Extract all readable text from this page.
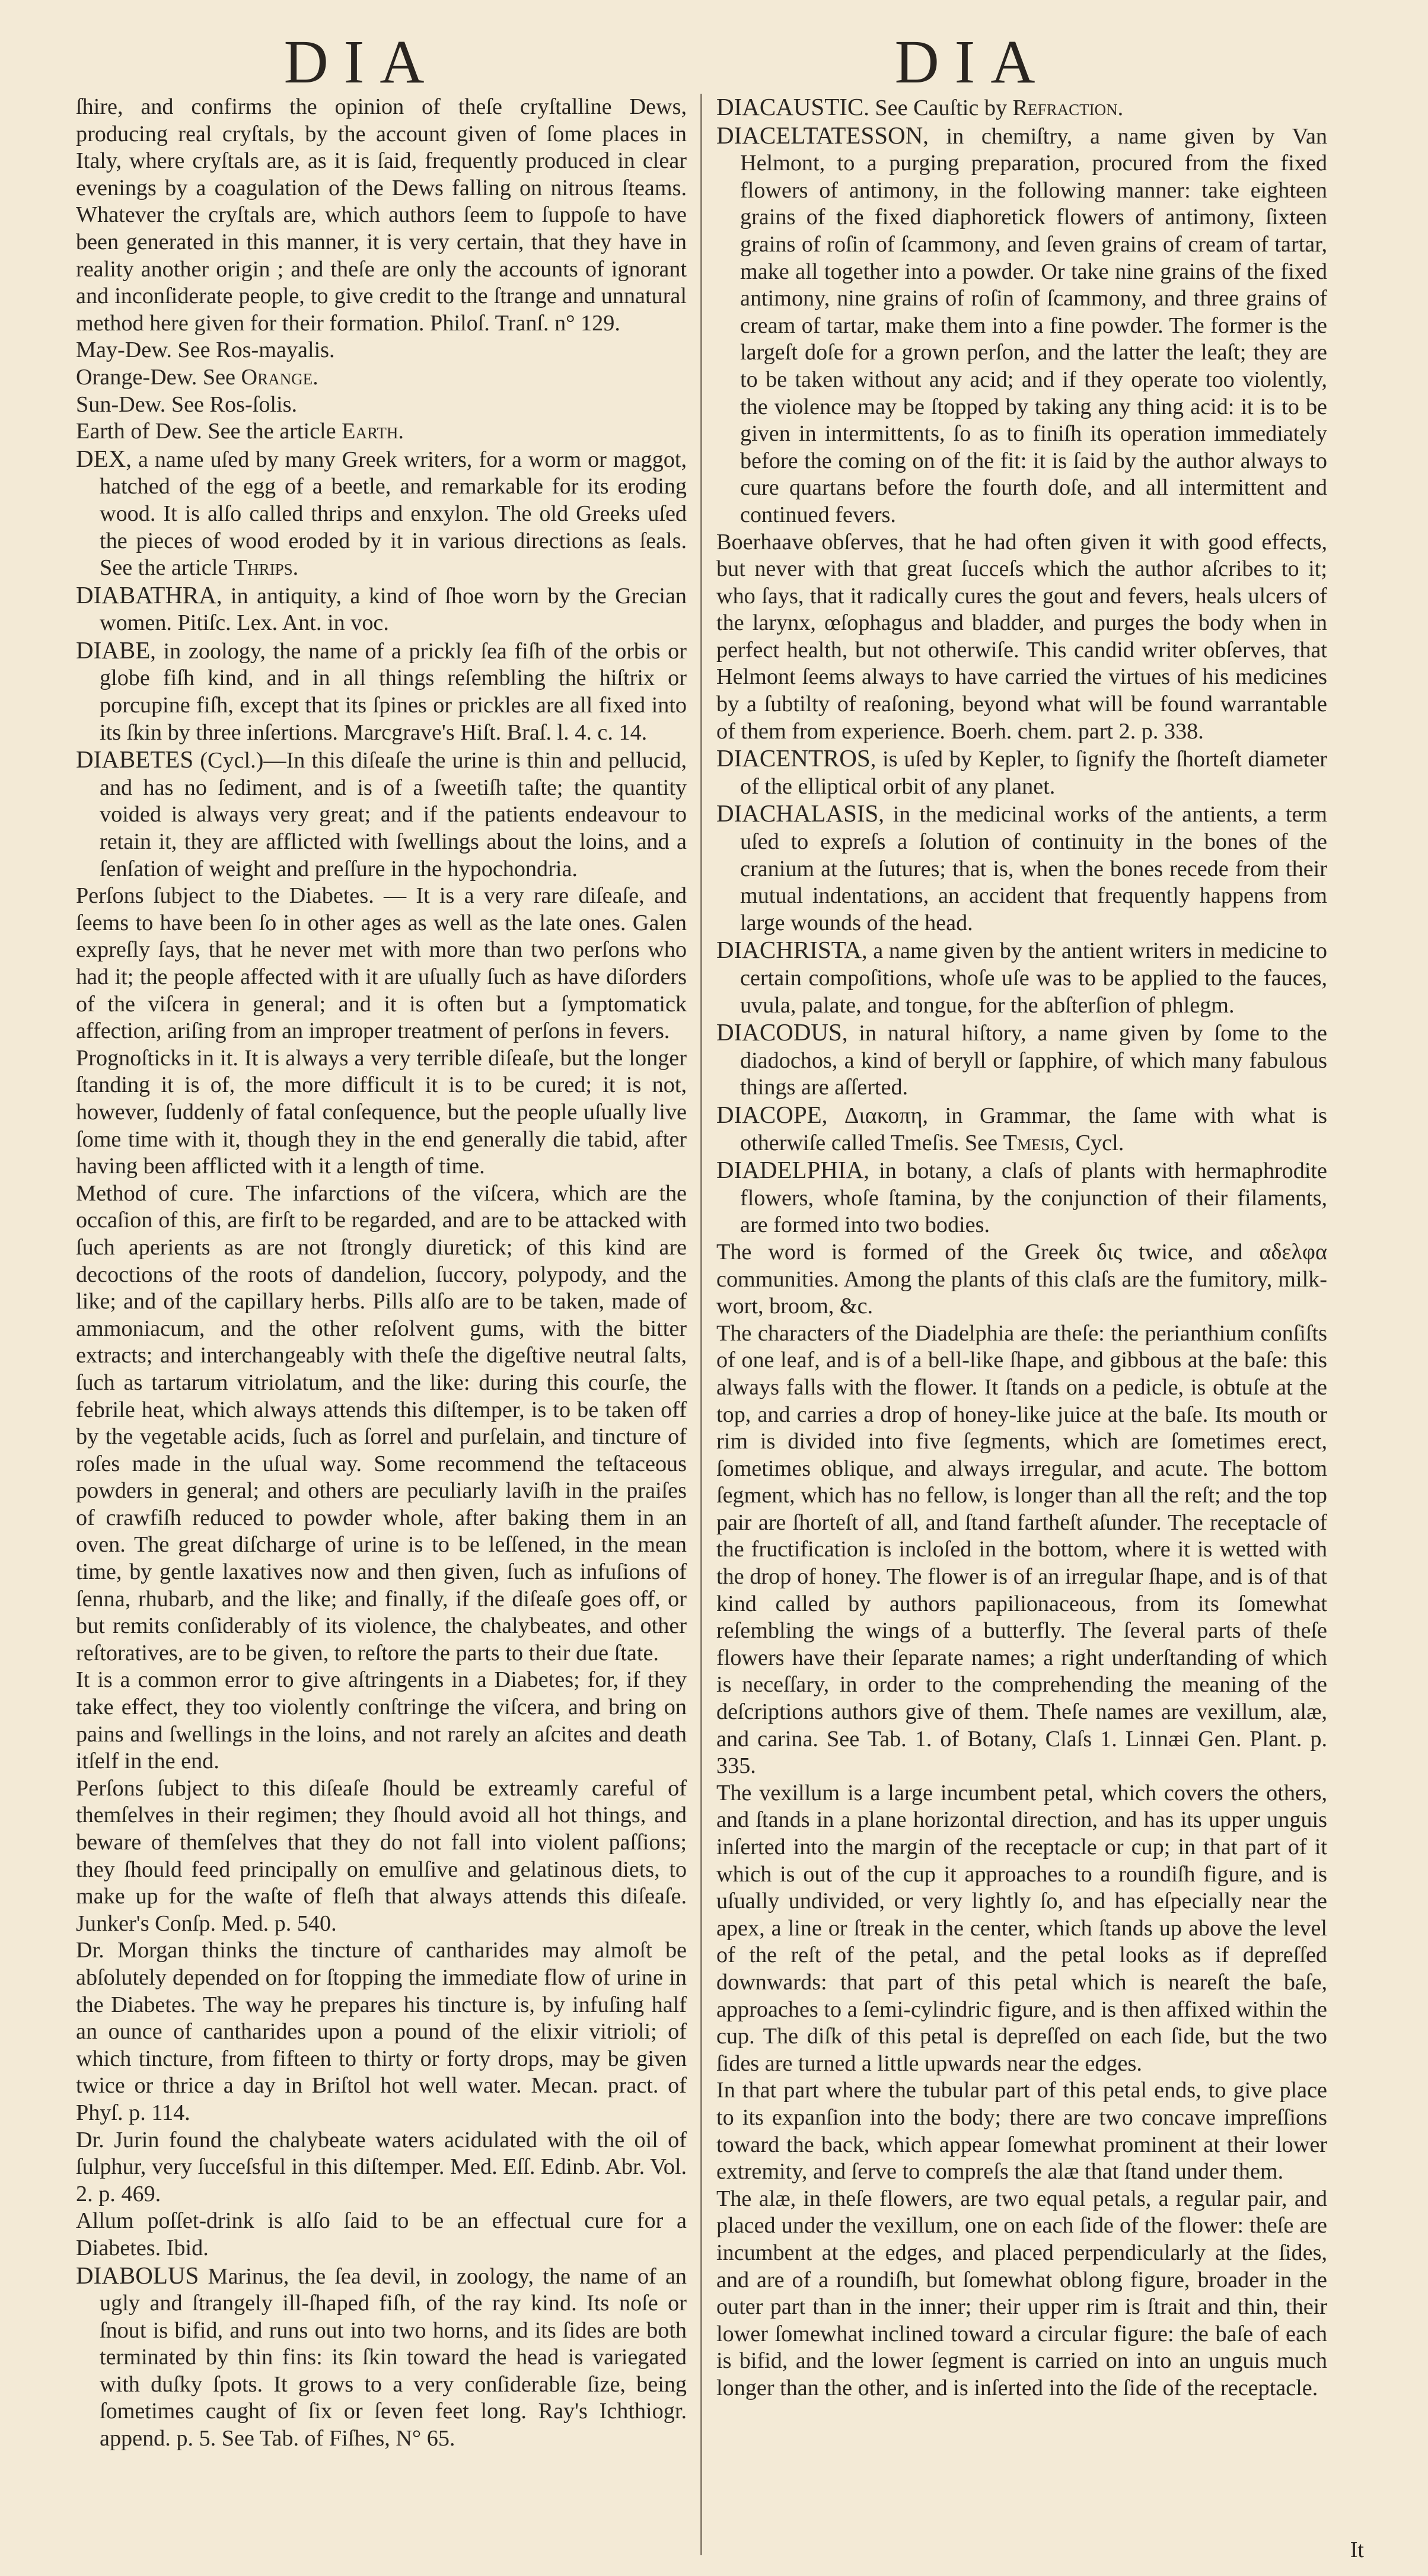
DIA	DIA

ſhire, and confirms the opinion of theſe cryſtalline Dews, producing real cryſtals, by the account given of ſome places in Italy, where cryſtals are, as it is ſaid, frequently produced in clear evenings by a coagulation of the Dews falling on nitrous ſteams. Whatever the cryſtals are, which authors ſeem to ſuppoſe to have been generated in this manner, it is very certain, that they have in reality another origin ; and theſe are only the accounts of ignorant and inconſiderate people, to give credit to the ſtrange and unnatural method here given for their formation. Philoſ. Tranſ. n° 129.

May-Dew. See Ros-mayalis.

Orange-Dew. See Orange.

Sun-Dew. See Ros-ſolis.

Earth of Dew. See the article Earth.

DEX, a name uſed by many Greek writers, for a worm or maggot, hatched of the egg of a beetle, and remarkable for its eroding wood. It is alſo called thrips and enxylon. The old Greeks uſed the pieces of wood eroded by it in various directions as ſeals. See the article Thrips.

DIABATHRA, in antiquity, a kind of ſhoe worn by the Grecian women. Pitiſc. Lex. Ant. in voc.

DIABE, in zoology, the name of a prickly ſea fiſh of the orbis or globe fiſh kind, and in all things reſembling the hiſtrix or porcupine fiſh, except that its ſpines or prickles are all fixed into its ſkin by three inſertions. Marcgrave's Hiſt. Braſ. l. 4. c. 14.

DIABETES (Cycl.)—In this diſeaſe the urine is thin and pellucid, and has no ſediment, and is of a ſweetiſh taſte; the quantity voided is always very great; and if the patients endeavour to retain it, they are afflicted with ſwellings about the loins, and a ſenſation of weight and preſſure in the hypochondria.

Perſons ſubject to the Diabetes. — It is a very rare diſeaſe, and ſeems to have been ſo in other ages as well as the late ones. Galen expreſly ſays, that he never met with more than two perſons who had it; the people affected with it are uſually ſuch as have diſorders of the viſcera in general; and it is often but a ſymptomatick affection, ariſing from an improper treatment of perſons in fevers.

Prognoſticks in it. It is always a very terrible diſeaſe, but the longer ſtanding it is of, the more difficult it is to be cured; it is not, however, ſuddenly of fatal conſequence, but the people uſually live ſome time with it, though they in the end generally die tabid, after having been afflicted with it a length of time.

Method of cure. The infarctions of the viſcera, which are the occaſion of this, are firſt to be regarded, and are to be attacked with ſuch aperients as are not ſtrongly diuretick; of this kind are decoctions of the roots of dandelion, ſuccory, polypody, and the like; and of the capillary herbs. Pills alſo are to be taken, made of ammoniacum, and the other reſolvent gums, with the bitter extracts; and interchangeably with theſe the digeſtive neutral ſalts, ſuch as tartarum vitriolatum, and the like: during this courſe, the febrile heat, which always attends this diſtemper, is to be taken off by the vegetable acids, ſuch as ſorrel and purſelain, and tincture of roſes made in the uſual way. Some recommend the teſtaceous powders in general; and others are peculiarly laviſh in the praiſes of crawfiſh reduced to powder whole, after baking them in an oven. The great diſcharge of urine is to be leſſened, in the mean time, by gentle laxatives now and then given, ſuch as infuſions of ſenna, rhubarb, and the like; and finally, if the diſeaſe goes off, or but remits conſiderably of its violence, the chalybeates, and other reſtoratives, are to be given, to reſtore the parts to their due ſtate.

It is a common error to give aſtringents in a Diabetes; for, if they take effect, they too violently conſtringe the viſcera, and bring on pains and ſwellings in the loins, and not rarely an aſcites and death itſelf in the end.

Perſons ſubject to this diſeaſe ſhould be extreamly careful of themſelves in their regimen; they ſhould avoid all hot things, and beware of themſelves that they do not fall into violent paſſions; they ſhould feed principally on emulſive and gelatinous diets, to make up for the waſte of fleſh that always attends this diſeaſe. Junker's Conſp. Med. p. 540.

Dr. Morgan thinks the tincture of cantharides may almoſt be abſolutely depended on for ſtopping the immediate flow of urine in the Diabetes. The way he prepares his tincture is, by infuſing half an ounce of cantharides upon a pound of the elixir vitrioli; of which tincture, from fifteen to thirty or forty drops, may be given twice or thrice a day in Briſtol hot well water. Mecan. pract. of Phyſ. p. 114.

Dr. Jurin found the chalybeate waters acidulated with the oil of ſulphur, very ſucceſsful in this diſtemper. Med. Eſſ. Edinb. Abr. Vol. 2. p. 469.

Allum poſſet-drink is alſo ſaid to be an effectual cure for a Diabetes. Ibid.

DIABOLUS Marinus, the ſea devil, in zoology, the name of an ugly and ſtrangely ill-ſhaped fiſh, of the ray kind. Its noſe or ſnout is bifid, and runs out into two horns, and its ſides are both terminated by thin fins: its ſkin toward the head is variegated with duſky ſpots. It grows to a very conſiderable ſize, being ſometimes caught of ſix or ſeven feet long. Ray's Ichthiogr. append. p. 5. See Tab. of Fiſhes, N° 65.

DIACAUSTIC. See Cauſtic by Refraction.

DIACELTATESSON, in chemiſtry, a name given by Van Helmont, to a purging preparation, procured from the fixed flowers of antimony, in the following manner: take eighteen grains of the fixed diaphoretick flowers of antimony, ſixteen grains of roſin of ſcammony, and ſeven grains of cream of tartar, make all together into a powder. Or take nine grains of the fixed antimony, nine grains of roſin of ſcammony, and three grains of cream of tartar, make them into a fine powder. The former is the largeſt doſe for a grown perſon, and the latter the leaſt; they are to be taken without any acid; and if they operate too violently, the violence may be ſtopped by taking any thing acid: it is to be given in intermittents, ſo as to finiſh its operation immediately before the coming on of the fit: it is ſaid by the author always to cure quartans before the fourth doſe, and all intermittent and continued fevers.

Boerhaave obſerves, that he had often given it with good effects, but never with that great ſucceſs which the author aſcribes to it; who ſays, that it radically cures the gout and fevers, heals ulcers of the larynx, œſophagus and bladder, and purges the body when in perfect health, but not otherwiſe. This candid writer obſerves, that Helmont ſeems always to have carried the virtues of his medicines by a ſubtilty of reaſoning, beyond what will be found warrantable of them from experience. Boerh. chem. part 2. p. 338.

DIACENTROS, is uſed by Kepler, to ſignify the ſhorteſt diameter of the elliptical orbit of any planet.

DIACHALASIS, in the medicinal works of the antients, a term uſed to expreſs a ſolution of continuity in the bones of the cranium at the ſutures; that is, when the bones recede from their mutual indentations, an accident that frequently happens from large wounds of the head.

DIACHRISTA, a name given by the antient writers in medicine to certain compoſitions, whoſe uſe was to be applied to the fauces, uvula, palate, and tongue, for the abſterſion of phlegm.

DIACODUS, in natural hiſtory, a name given by ſome to the diadochos, a kind of beryll or ſapphire, of which many fabulous things are aſſerted.

DIACOPE, Διακοπη, in Grammar, the ſame with what is otherwiſe called Tmeſis. See Tmesis, Cycl.

DIADELPHIA, in botany, a claſs of plants with hermaphrodite flowers, whoſe ſtamina, by the conjunction of their filaments, are formed into two bodies.

The word is formed of the Greek δις twice, and αδελφα communities. Among the plants of this claſs are the fumitory, milk-wort, broom, &c.

The characters of the Diadelphia are theſe: the perianthium conſiſts of one leaf, and is of a bell-like ſhape, and gibbous at the baſe: this always falls with the flower. It ſtands on a pedicle, is obtuſe at the top, and carries a drop of honey-like juice at the baſe. Its mouth or rim is divided into five ſegments, which are ſometimes erect, ſometimes oblique, and always irregular, and acute. The bottom ſegment, which has no fellow, is longer than all the reſt; and the top pair are ſhorteſt of all, and ſtand fartheſt aſunder. The receptacle of the fructification is incloſed in the bottom, where it is wetted with the drop of honey. The flower is of an irregular ſhape, and is of that kind called by authors papilionaceous, from its ſomewhat reſembling the wings of a butterfly. The ſeveral parts of theſe flowers have their ſeparate names; a right underſtanding of which is neceſſary, in order to the comprehending the meaning of the deſcriptions authors give of them. Theſe names are vexillum, alæ, and carina. See Tab. 1. of Botany, Claſs 1. Linnæi Gen. Plant. p. 335.

The vexillum is a large incumbent petal, which covers the others, and ſtands in a plane horizontal direction, and has its upper unguis inſerted into the margin of the receptacle or cup; in that part of it which is out of the cup it approaches to a roundiſh figure, and is uſually undivided, or very lightly ſo, and has eſpecially near the apex, a line or ſtreak in the center, which ſtands up above the level of the reſt of the petal, and the petal looks as if depreſſed downwards: that part of this petal which is neareſt the baſe, approaches to a ſemi-cylindric figure, and is then affixed within the cup. The diſk of this petal is depreſſed on each ſide, but the two ſides are turned a little upwards near the edges.

In that part where the tubular part of this petal ends, to give place to its expanſion into the body; there are two concave impreſſions toward the back, which appear ſomewhat prominent at their lower extremity, and ſerve to compreſs the alæ that ſtand under them.

The alæ, in theſe flowers, are two equal petals, a regular pair, and placed under the vexillum, one on each ſide of the flower: theſe are incumbent at the edges, and placed perpendicularly at the ſides, and are of a roundiſh, but ſomewhat oblong figure, broader in the outer part than in the inner; their upper rim is ſtrait and thin, their lower ſomewhat inclined toward a circular figure: the baſe of each is bifid, and the lower ſegment is carried on into an unguis much longer than the other, and is inſerted into the ſide of the receptacle.

It
